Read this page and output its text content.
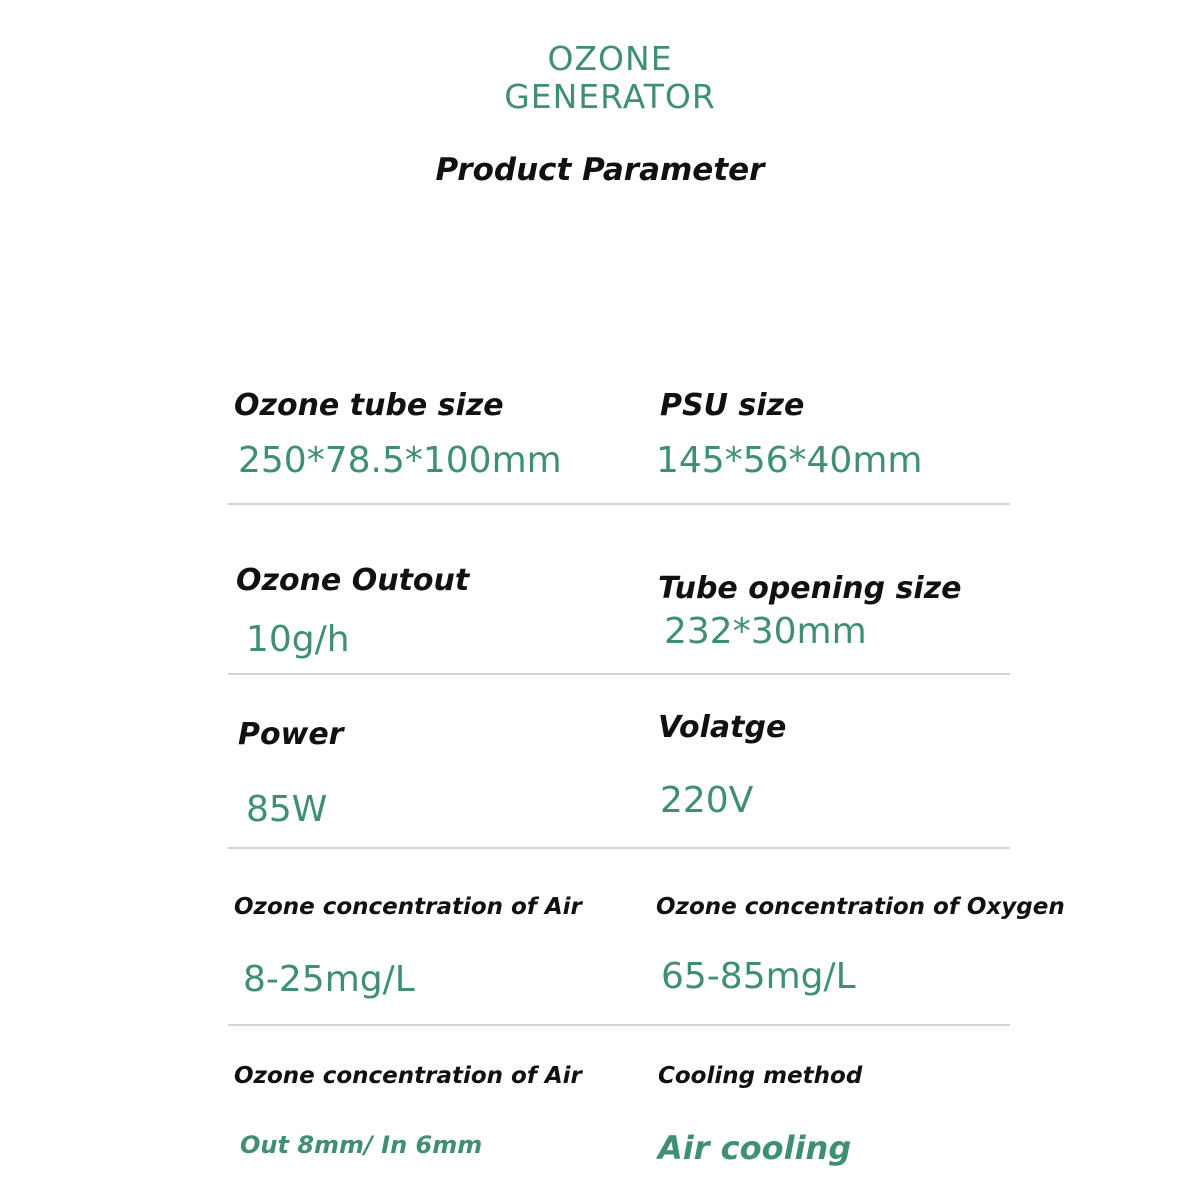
OZONE
GENERATOR
Product Parameter
Ozone tube size
250*78.5*100mm
PSU size
145*56*40mm
Ozone Outout
10g/h
Tube opening size
232*30mm
Power
85W
Volatge
220V
Ozone concentration of Air
8-25mg/L
Ozone concentration of Oxygen
65-85mg/L
Ozone concentration of Air
Out 8mm/ In 6mm
Cooling method
Air cooling
